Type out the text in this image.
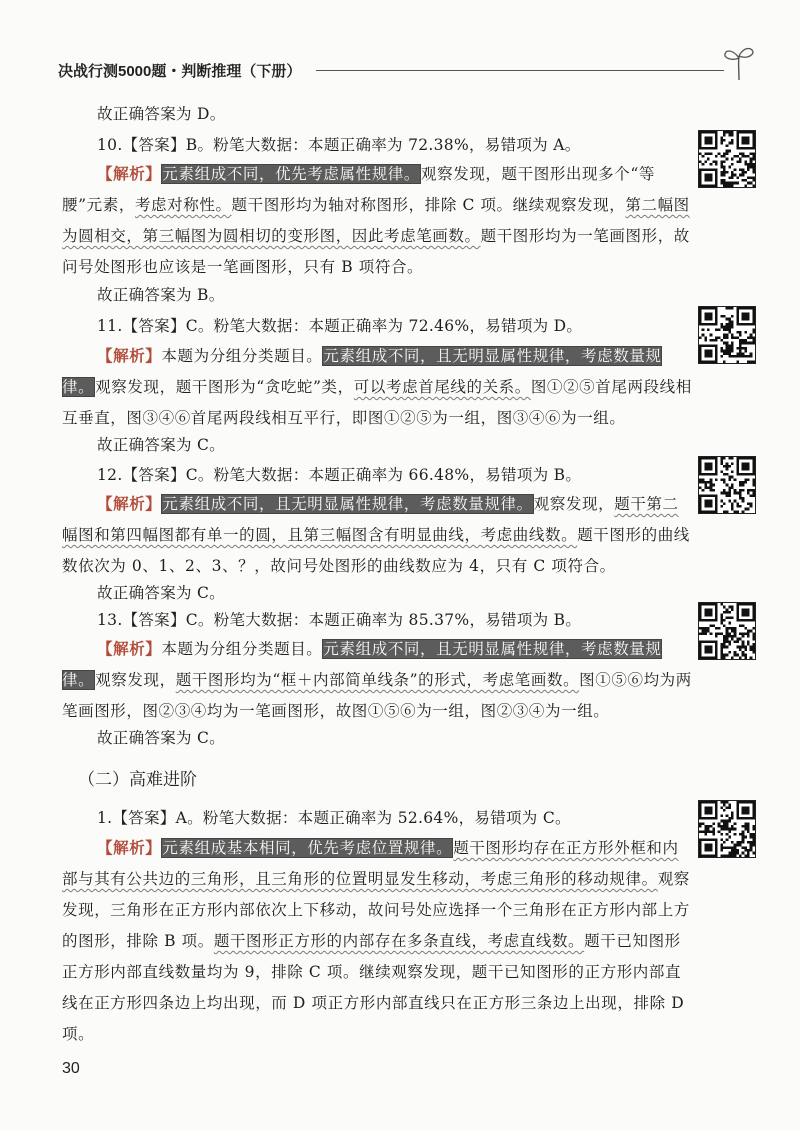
决战行测5000题・判断推理（下册）
故正确答案为 D。
10.【答案】B。粉笔大数据：本题正确率为 72.38%，易错项为 A。
【解析】元素组成不同，优先考虑属性规律。观察发现，题干图形出现多个“等腰”元素，考虑对称性。题干图形均为轴对称图形，排除 C 项。继续观察发现，第二幅图为圆相交，第三幅图为圆相切的变形图，因此考虑笔画数。题干图形均为一笔画图形，故问号处图形也应该是一笔画图形，只有 B 项符合。
故正确答案为 B。
11.【答案】C。粉笔大数据：本题正确率为 72.46%，易错项为 D。
【解析】本题为分组分类题目。元素组成不同，且无明显属性规律，考虑数量规律。观察发现，题干图形为“贪吃蛇”类，可以考虑首尾线的关系。图①②⑤首尾两段线相互垂直，图③④⑥首尾两段线相互平行，即图①②⑤为一组，图③④⑥为一组。
故正确答案为 C。
12.【答案】C。粉笔大数据：本题正确率为 66.48%，易错项为 B。
【解析】元素组成不同，且无明显属性规律，考虑数量规律。观察发现，题干第二幅图和第四幅图都有单一的圆，且第三幅图含有明显曲线，考虑曲线数。题干图形的曲线数依次为 0、1、2、3、？，故问号处图形的曲线数应为 4，只有 C 项符合。
故正确答案为 C。
13.【答案】C。粉笔大数据：本题正确率为 85.37%，易错项为 B。
【解析】本题为分组分类题目。元素组成不同，且无明显属性规律，考虑数量规律。观察发现，题干图形均为“框＋内部简单线条”的形式，考虑笔画数。图①⑤⑥均为两笔画图形，图②③④均为一笔画图形，故图①⑤⑥为一组，图②③④为一组。
故正确答案为 C。
（二）高难进阶
1.【答案】A。粉笔大数据：本题正确率为 52.64%，易错项为 C。
【解析】元素组成基本相同，优先考虑位置规律。题干图形均存在正方形外框和内部与其有公共边的三角形，且三角形的位置明显发生移动，考虑三角形的移动规律。观察发现，三角形在正方形内部依次上下移动，故问号处应选择一个三角形在正方形内部上方的图形，排除 B 项。题干图形正方形的内部存在多条直线，考虑直线数。题干已知图形正方形内部直线数量均为 9，排除 C 项。继续观察发现，题干已知图形的正方形内部直线在正方形四条边上均出现，而 D 项正方形内部直线只在正方形三条边上出现，排除 D 项。
30
